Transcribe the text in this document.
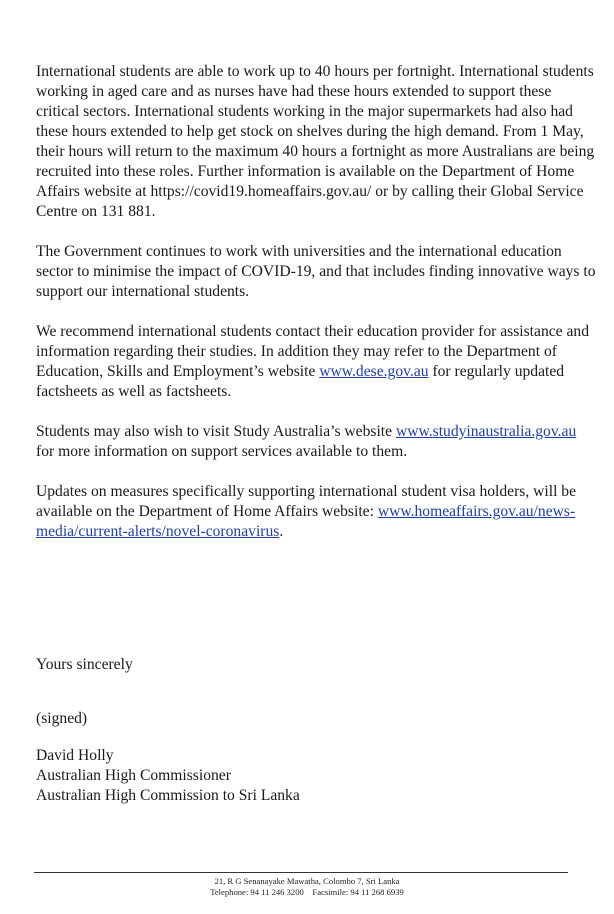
International students are able to work up to 40 hours per fortnight. International students working in aged care and as nurses have had these hours extended to support these critical sectors. International students working in the major supermarkets had also had these hours extended to help get stock on shelves during the high demand. From 1 May, their hours will return to the maximum 40 hours a fortnight as more Australians are being recruited into these roles. Further information is available on the Department of Home Affairs website at https://covid19.homeaffairs.gov.au/ or by calling their Global Service Centre on 131 881.

The Government continues to work with universities and the international education sector to minimise the impact of COVID-19, and that includes finding innovative ways to support our international students.

We recommend international students contact their education provider for assistance and information regarding their studies. In addition they may refer to the Department of Education, Skills and Employment’s website www.dese.gov.au for regularly updated factsheets as well as factsheets.

Students may also wish to visit Study Australia’s website www.studyinaustralia.gov.au for more information on support services available to them.

Updates on measures specifically supporting international student visa holders, will be available on the Department of Home Affairs website: www.homeaffairs.gov.au/news-media/current-alerts/novel-coronavirus.

Yours sincerely
(signed)
David Holly
Australian High Commissioner
Australian High Commission to Sri Lanka
21, R G Senanayake Mawatha, Colombo 7, Sri Lanka
Telephone: 94 11 246 3200 Facsimile: 94 11 268 6939
